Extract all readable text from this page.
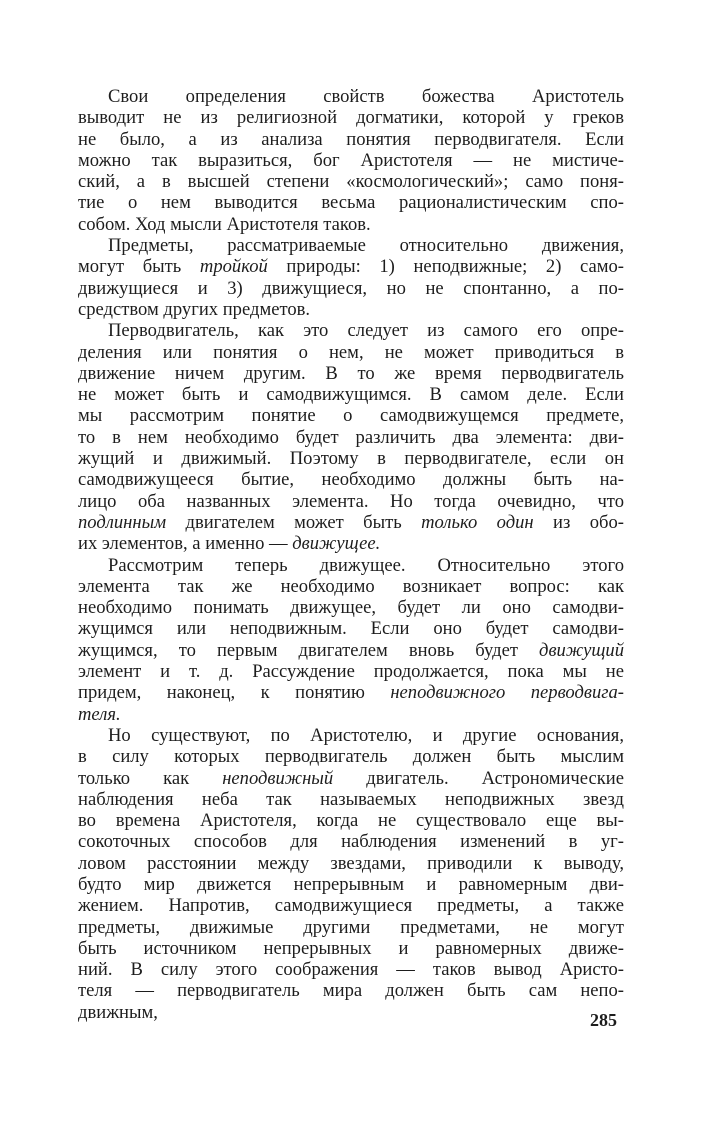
Свои определения свойств божества Аристотель
выводит не из религиозной догматики, которой у греков
не было, а из анализа понятия перводвигателя. Если
можно так выразиться, бог Аристотеля — не мистиче-
ский, а в высшей степени «космологический»; само поня-
тие о нем выводится весьма рационалистическим спо-
собом. Ход мысли Аристотеля таков.
Предметы, рассматриваемые относительно движения,
могут быть тройкой природы: 1) неподвижные; 2) само-
движущиеся и 3) движущиеся, но не спонтанно, а по-
средством других предметов.
Перводвигатель, как это следует из самого его опре-
деления или понятия о нем, не может приводиться в
движение ничем другим. В то же время перводвигатель
не может быть и самодвижущимся. В самом деле. Если
мы рассмотрим понятие о самодвижущемся предмете,
то в нем необходимо будет различить два элемента: дви-
жущий и движимый. Поэтому в перводвигателе, если он
самодвижущееся бытие, необходимо должны быть на-
лицо оба названных элемента. Но тогда очевидно, что
подлинным двигателем может быть только один из обо-
их элементов, а именно — движущее.
Рассмотрим теперь движущее. Относительно этого
элемента так же необходимо возникает вопрос: как
необходимо понимать движущее, будет ли оно самодви-
жущимся или неподвижным. Если оно будет самодви-
жущимся, то первым двигателем вновь будет движущий
элемент и т. д. Рассуждение продолжается, пока мы не
придем, наконец, к понятию неподвижного перводвига-
теля.
Но существуют, по Аристотелю, и другие основания,
в силу которых перводвигатель должен быть мыслим
только как неподвижный двигатель. Астрономические
наблюдения неба так называемых неподвижных звезд
во времена Аристотеля, когда не существовало еще вы-
сокоточных способов для наблюдения изменений в уг-
ловом расстоянии между звездами, приводили к выводу,
будто мир движется непрерывным и равномерным дви-
жением. Напротив, самодвижущиеся предметы, а также
предметы, движимые другими предметами, не могут
быть источником непрерывных и равномерных движе-
ний. В силу этого соображения — таков вывод Аристо-
теля — перводвигатель мира должен быть сам непо-
движным,	285
